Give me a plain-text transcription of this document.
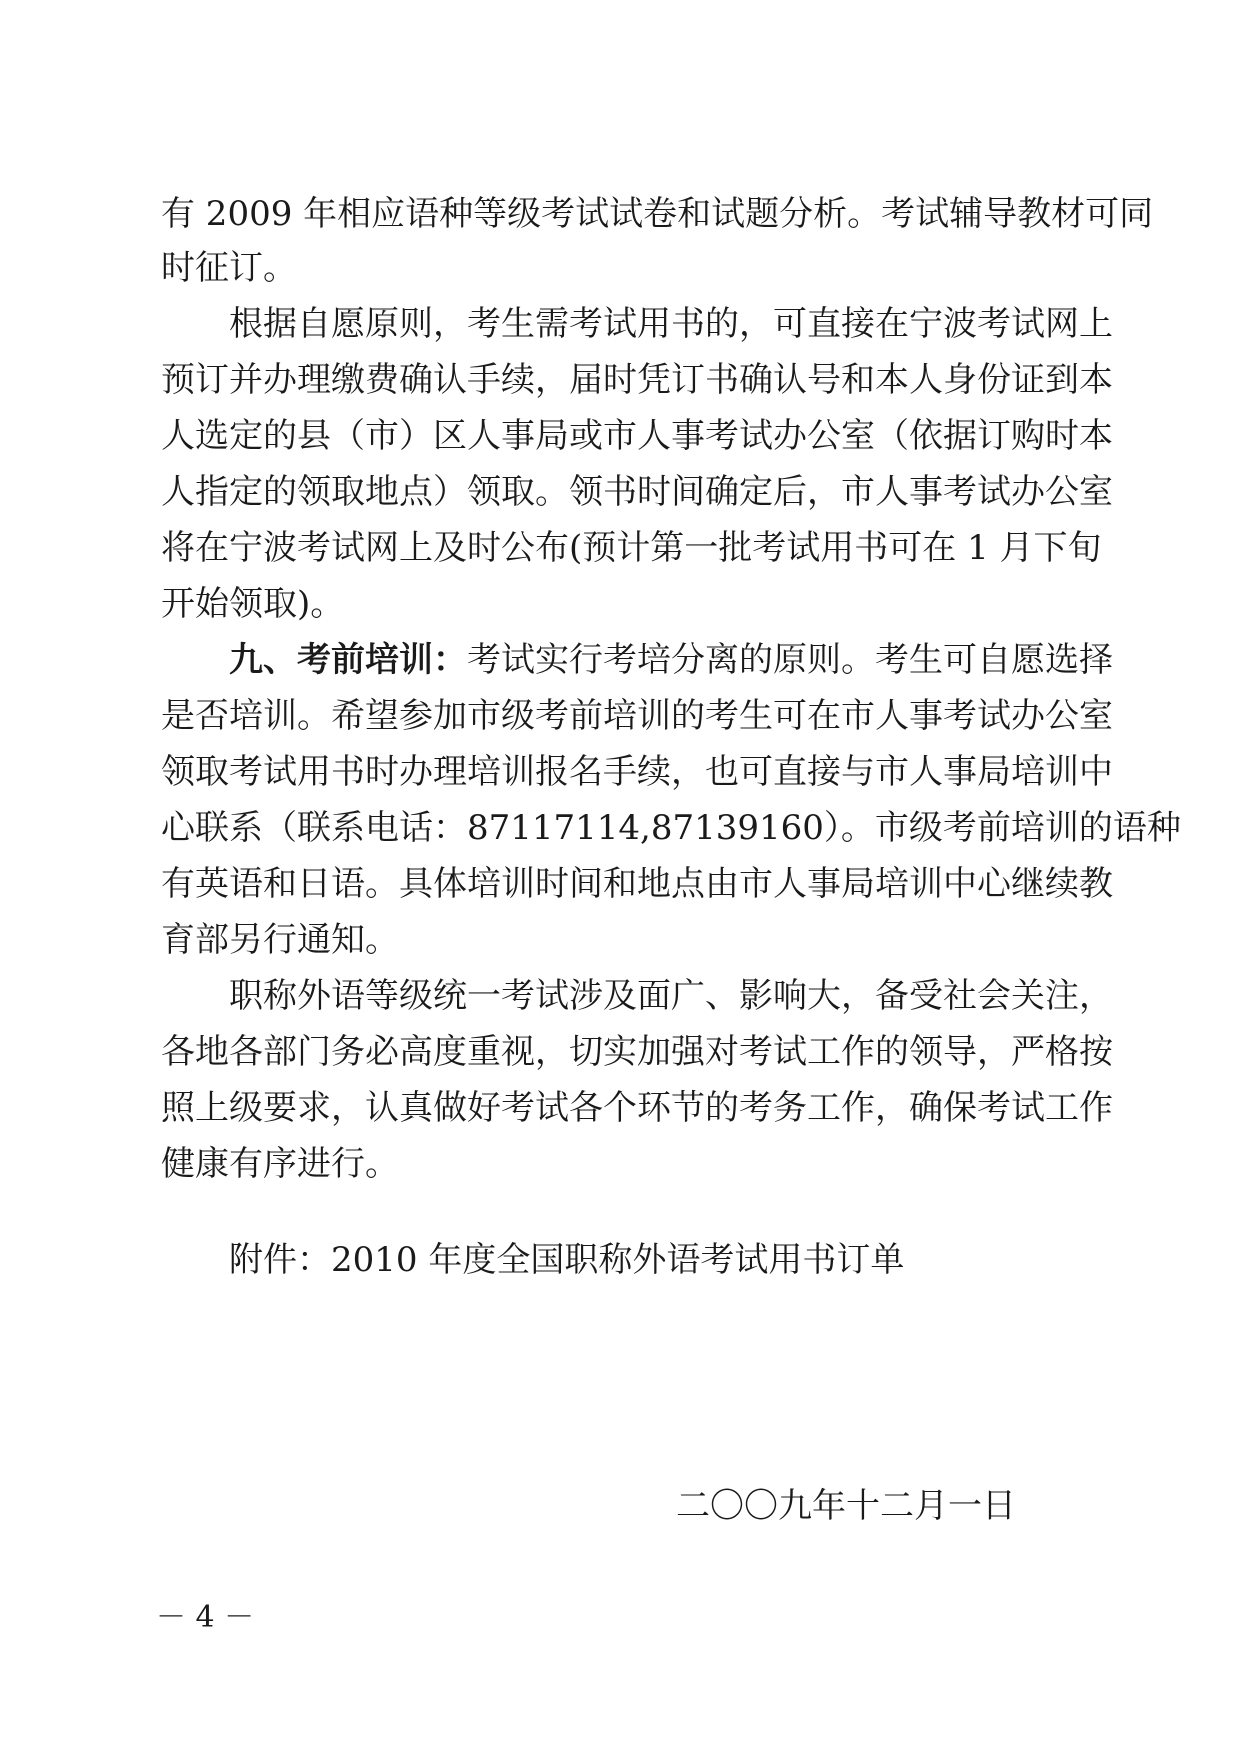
有 2009 年相应语种等级考试试卷和试题分析。考试辅导教材可同
时征订。
根据自愿原则，考生需考试用书的，可直接在宁波考试网上
预订并办理缴费确认手续，届时凭订书确认号和本人身份证到本
人选定的县（市）区人事局或市人事考试办公室（依据订购时本
人指定的领取地点）领取。领书时间确定后，市人事考试办公室
将在宁波考试网上及时公布(预计第一批考试用书可在 1 月下旬
开始领取)。
九、考前培训：考试实行考培分离的原则。考生可自愿选择
是否培训。希望参加市级考前培训的考生可在市人事考试办公室
领取考试用书时办理培训报名手续，也可直接与市人事局培训中
心联系（联系电话：87117114,87139160）。市级考前培训的语种
有英语和日语。具体培训时间和地点由市人事局培训中心继续教
育部另行通知。
职称外语等级统一考试涉及面广、影响大，备受社会关注，
各地各部门务必高度重视，切实加强对考试工作的领导，严格按
照上级要求，认真做好考试各个环节的考务工作，确保考试工作
健康有序进行。
附件：2010 年度全国职称外语考试用书订单
二〇〇九年十二月一日
－ 4 －
